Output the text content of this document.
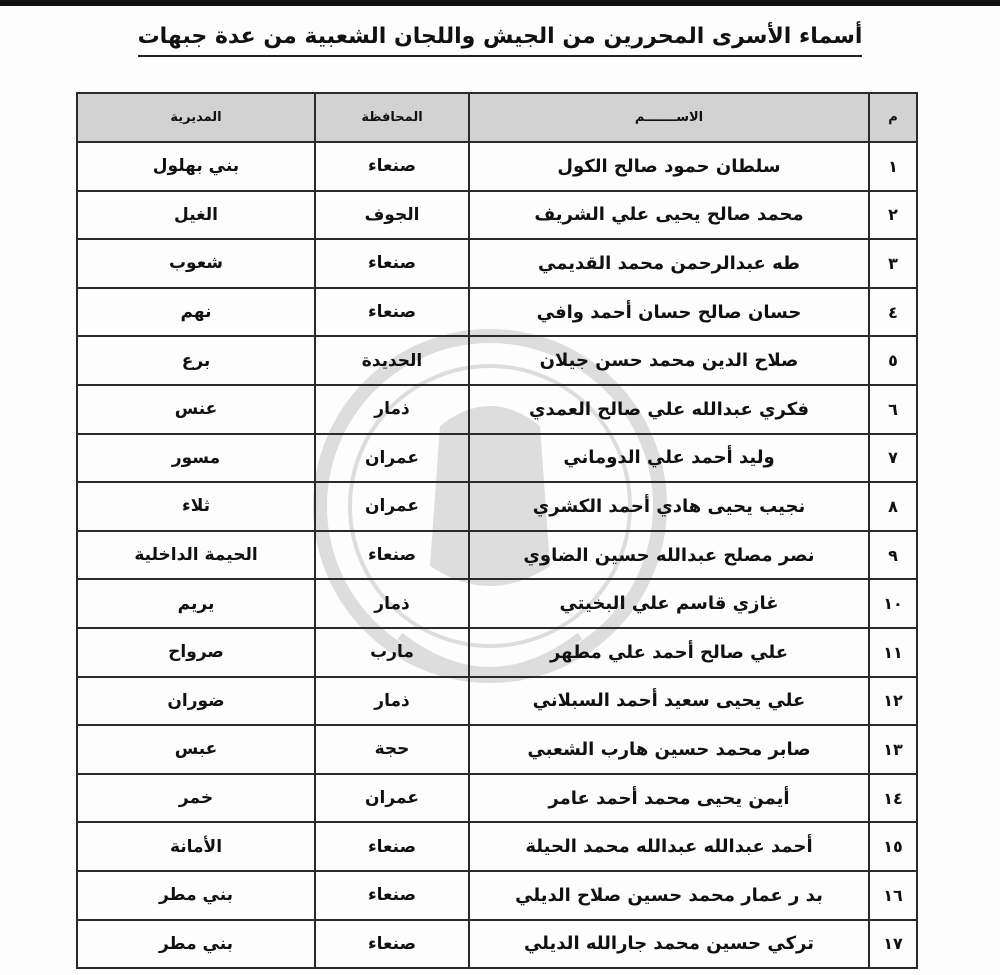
أسماء الأسرى المحررين من الجيش واللجان الشعبية من عدة جبهات
م	الاســـــــم	المحافظة	المديرية
١	سلطان حمود صالح الكول	صنعاء	بني بهلول
٢	محمد صالح يحيى علي الشريف	الجوف	الغيل
٣	طه عبدالرحمن محمد القديمي	صنعاء	شعوب
٤	حسان صالح حسان أحمد وافي	صنعاء	نهم
٥	صلاح الدين محمد حسن جيلان	الحديدة	برع
٦	فكري عبدالله علي صالح العمدي	ذمار	عنس
٧	وليد أحمد علي الدوماني	عمران	مسور
٨	نجيب يحيى هادي أحمد الكشري	عمران	ثلاء
٩	نصر مصلح عبدالله حسين الضاوي	صنعاء	الحيمة الداخلية
١٠	غازي قاسم علي البخيتي	ذمار	يريم
١١	علي صالح أحمد علي مطهر	مارب	صرواح
١٢	علي يحيى سعيد أحمد السبلاني	ذمار	ضوران
١٣	صابر محمد حسين هارب الشعبي	حجة	عبس
١٤	أيمن يحيى محمد أحمد عامر	عمران	خمر
١٥	أحمد عبدالله عبدالله محمد الحيلة	صنعاء	الأمانة
١٦	بد ر عمار محمد حسين صلاح الديلي	صنعاء	بني مطر
١٧	تركي حسين محمد جارالله الديلي	صنعاء	بني مطر
